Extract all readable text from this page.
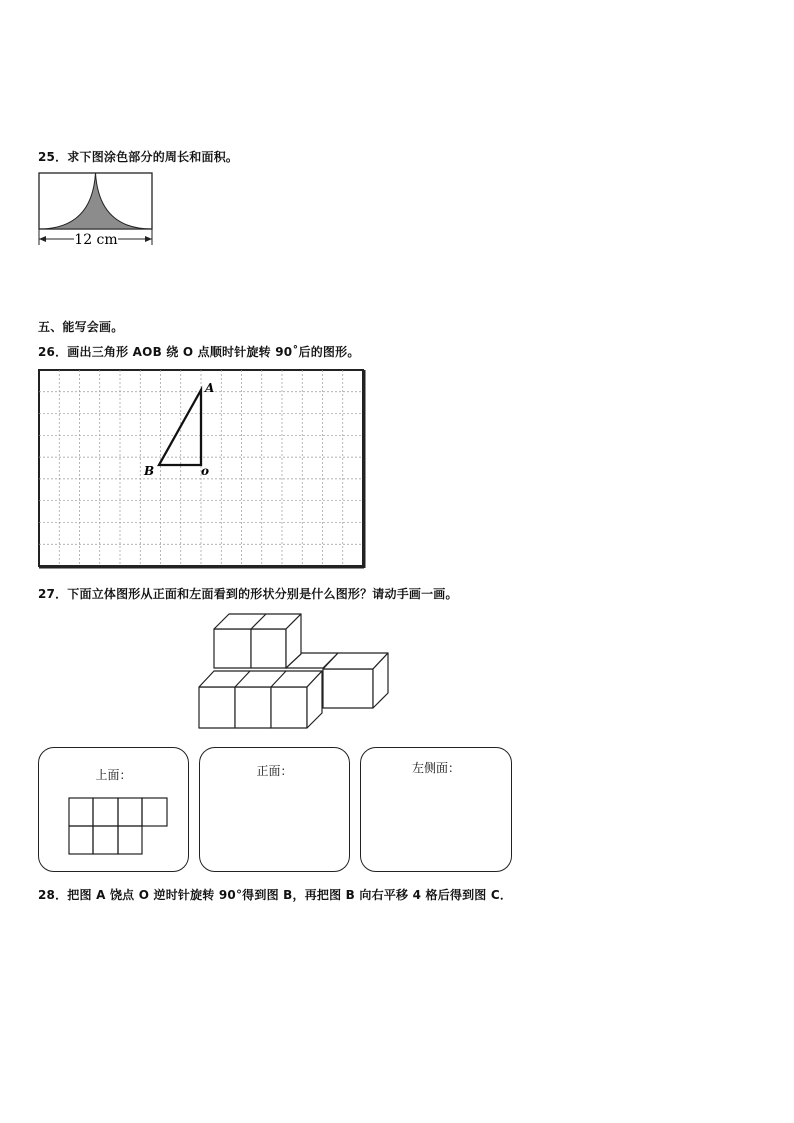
25．求下图涂色部分的周长和面积。
12 cm
五、能写会画。
26．画出三角形 AOB 绕 O 点顺时针旋转 90˚后的图形。
A
B	o
27．下面立体图形从正面和左面看到的形状分别是什么图形？请动手画一画。
上面：	正面：	左侧面：
28．把图 A 饶点 O 逆时针旋转 90°得到图 B，再把图 B 向右平移 4 格后得到图 C．
